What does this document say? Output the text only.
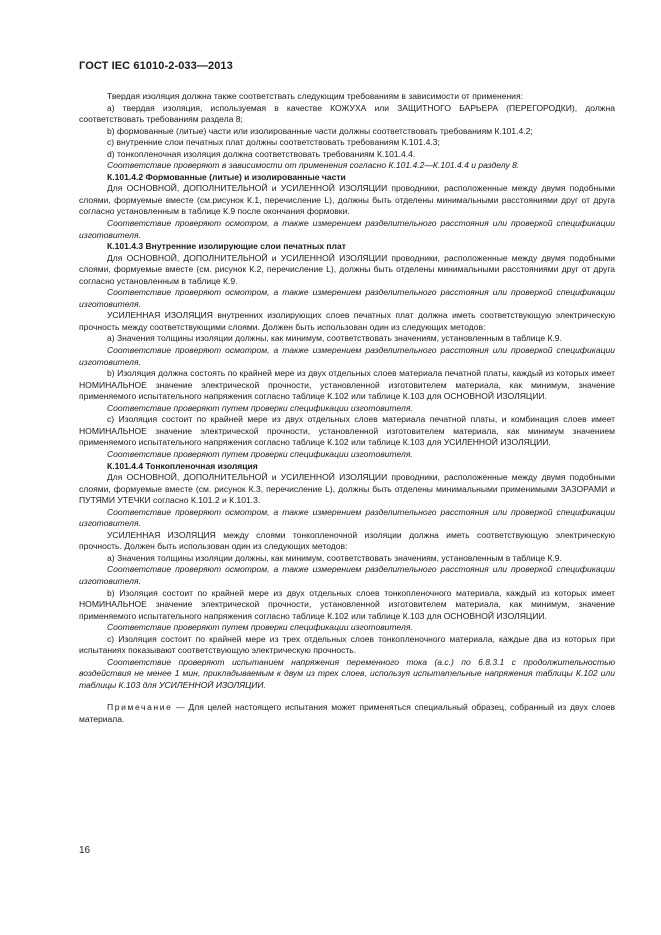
ГОСТ IEC 61010-2-033—2013

Твердая изоляция должна также соответствать следующим требованиям в зависимости от применения:

a) твердая изоляция, используемая в качестве КОЖУХА или ЗАЩИТНОГО БАРЬЕРА (ПЕРЕГОРОДКИ), должна соответствовать требованиям раздела 8;

b) формованные (литые) части или изолированные части должны соответствовать требованиям К.101.4.2;

c) внутренние слои печатных плат должны соответствовать требованиям К.101.4.3;

d) тонкопленочная изоляция должна соответствовать требованиям К.101.4.4.

Соответствие проверяют в зависимости от применения согласно К.101.4.2—К.101.4.4 и разделу 8.

К.101.4.2 Формованные (литые) и изолированные части

Для ОСНОВНОЙ, ДОПОЛНИТЕЛЬНОЙ и УСИЛЕННОЙ ИЗОЛЯЦИИ проводники, расположенные между двумя подобными слоями, формуемые вместе (см.рисунок К.1, перечисление L), должны быть отделены минимальными расстояниями друг от друга согласно установленным в таблице К.9 после окончания формовки.

Соответствие проверяют осмотром, а также измерением разделительного расстояния или проверкой спецификации изготовителя.

К.101.4.3 Внутренние изолирующие слои печатных плат

Для ОСНОВНОЙ, ДОПОЛНИТЕЛЬНОЙ и УСИЛЕННОЙ ИЗОЛЯЦИИ проводники, расположенные между двумя подобными слоями, формуемые вместе (см. рисунок К.2, перечисление L), должны быть отделены минимальными расстояниями друг от друга согласно установленным в таблице К.9.

Соответствие проверяют осмотром, а также измерением разделительного расстояния или проверкой спецификации изготовителя.

УСИЛЕННАЯ ИЗОЛЯЦИЯ внутренних изолирующих слоев печатных плат должна иметь соответствующую электрическую прочность между соответствующими слоями. Должен быть использован один из следующих методов:

a) Значения толщины изоляции должны, как минимум, соответствовать значениям, установленным в таблице К.9.

Соответствие проверяют осмотром, а также измерением разделительного расстояния или проверкой спецификации изготовителя.

b) Изоляция должна состоять по крайней мере из двух отдельных слоев материала печатной платы, каждый из которых имеет НОМИНАЛЬНОЕ значение электрической прочности, установленной изготовителем материала, как минимум, значение применяемого испытательного напряжения согласно таблице К.102 или таблице К.103 для ОСНОВНОЙ ИЗОЛЯЦИИ.

Соответствие проверяют путем проверки спецификации изготовителя.

c) Изоляция состоит по крайней мере из двух отдельных слоев материала печатной платы, и комбинация слоев имеет НОМИНАЛЬНОЕ значение электрической прочности, установленной изготовителем материала, как минимум значением применяемого испытательного напряжения согласно таблице К.102 или таблице К.103 для УСИЛЕННОЙ ИЗОЛЯЦИИ.

Соответствие проверяют путем проверки спецификации изготовителя.

К.101.4.4 Тонкопленочная изоляция

Для ОСНОВНОЙ, ДОПОЛНИТЕЛЬНОЙ и УСИЛЕННОЙ ИЗОЛЯЦИИ проводники, расположенные между двумя подобными слоями, формуемые вместе (см. рисунок К.3, перечисление L), должны быть отделены минимальными применимыми ЗАЗОРАМИ и ПУТЯМИ УТЕЧКИ согласно К.101.2 и К.101.3.

Соответствие проверяют осмотром, а также измерением разделительного расстояния или проверкой спецификации изготовителя.

УСИЛЕННАЯ ИЗОЛЯЦИЯ между слоями тонкопленочной изоляции должна иметь соответствующую электрическую прочность. Должен быть использован один из следующих методов:

a) Значения толщины изоляции должны, как минимум, соответствовать значениям, установленным в таблице К.9.

Соответствие проверяют осмотром, а также измерением разделительного расстояния или проверкой спецификации изготовителя.

b) Изоляция состоит по крайней мере из двух отдельных слоев тонкопленочного материала, каждый из которых имеет НОМИНАЛЬНОЕ значение электрической прочности, установленной изготовителем материала, как минимум, значение применяемого испытательного напряжения согласно таблице К.102 или таблице К.103 для ОСНОВНОЙ ИЗОЛЯЦИИ.

Соответствие проверяют путем проверки спецификации изготовителя.

c) Изоляция состоит по крайней мере из трех отдельных слоев тонкопленочного материала, каждые два из которых при испытаниях показывают соответствующую электрическую прочность.

Соответствие проверяют испытанием напряжения переменного тока (а.с.) по 6.8.3.1 с продолжительностью воздействия не менее 1 мин, прикладываемым к двум из трех слоев, используя испытательные напряжения таблицы К.102 или таблицы К.103 для УСИЛЕННОЙ ИЗОЛЯЦИИ.

Примечание — Для целей настоящего испытания может применяться специальный образец, собранный из двух слоев материала.

16
